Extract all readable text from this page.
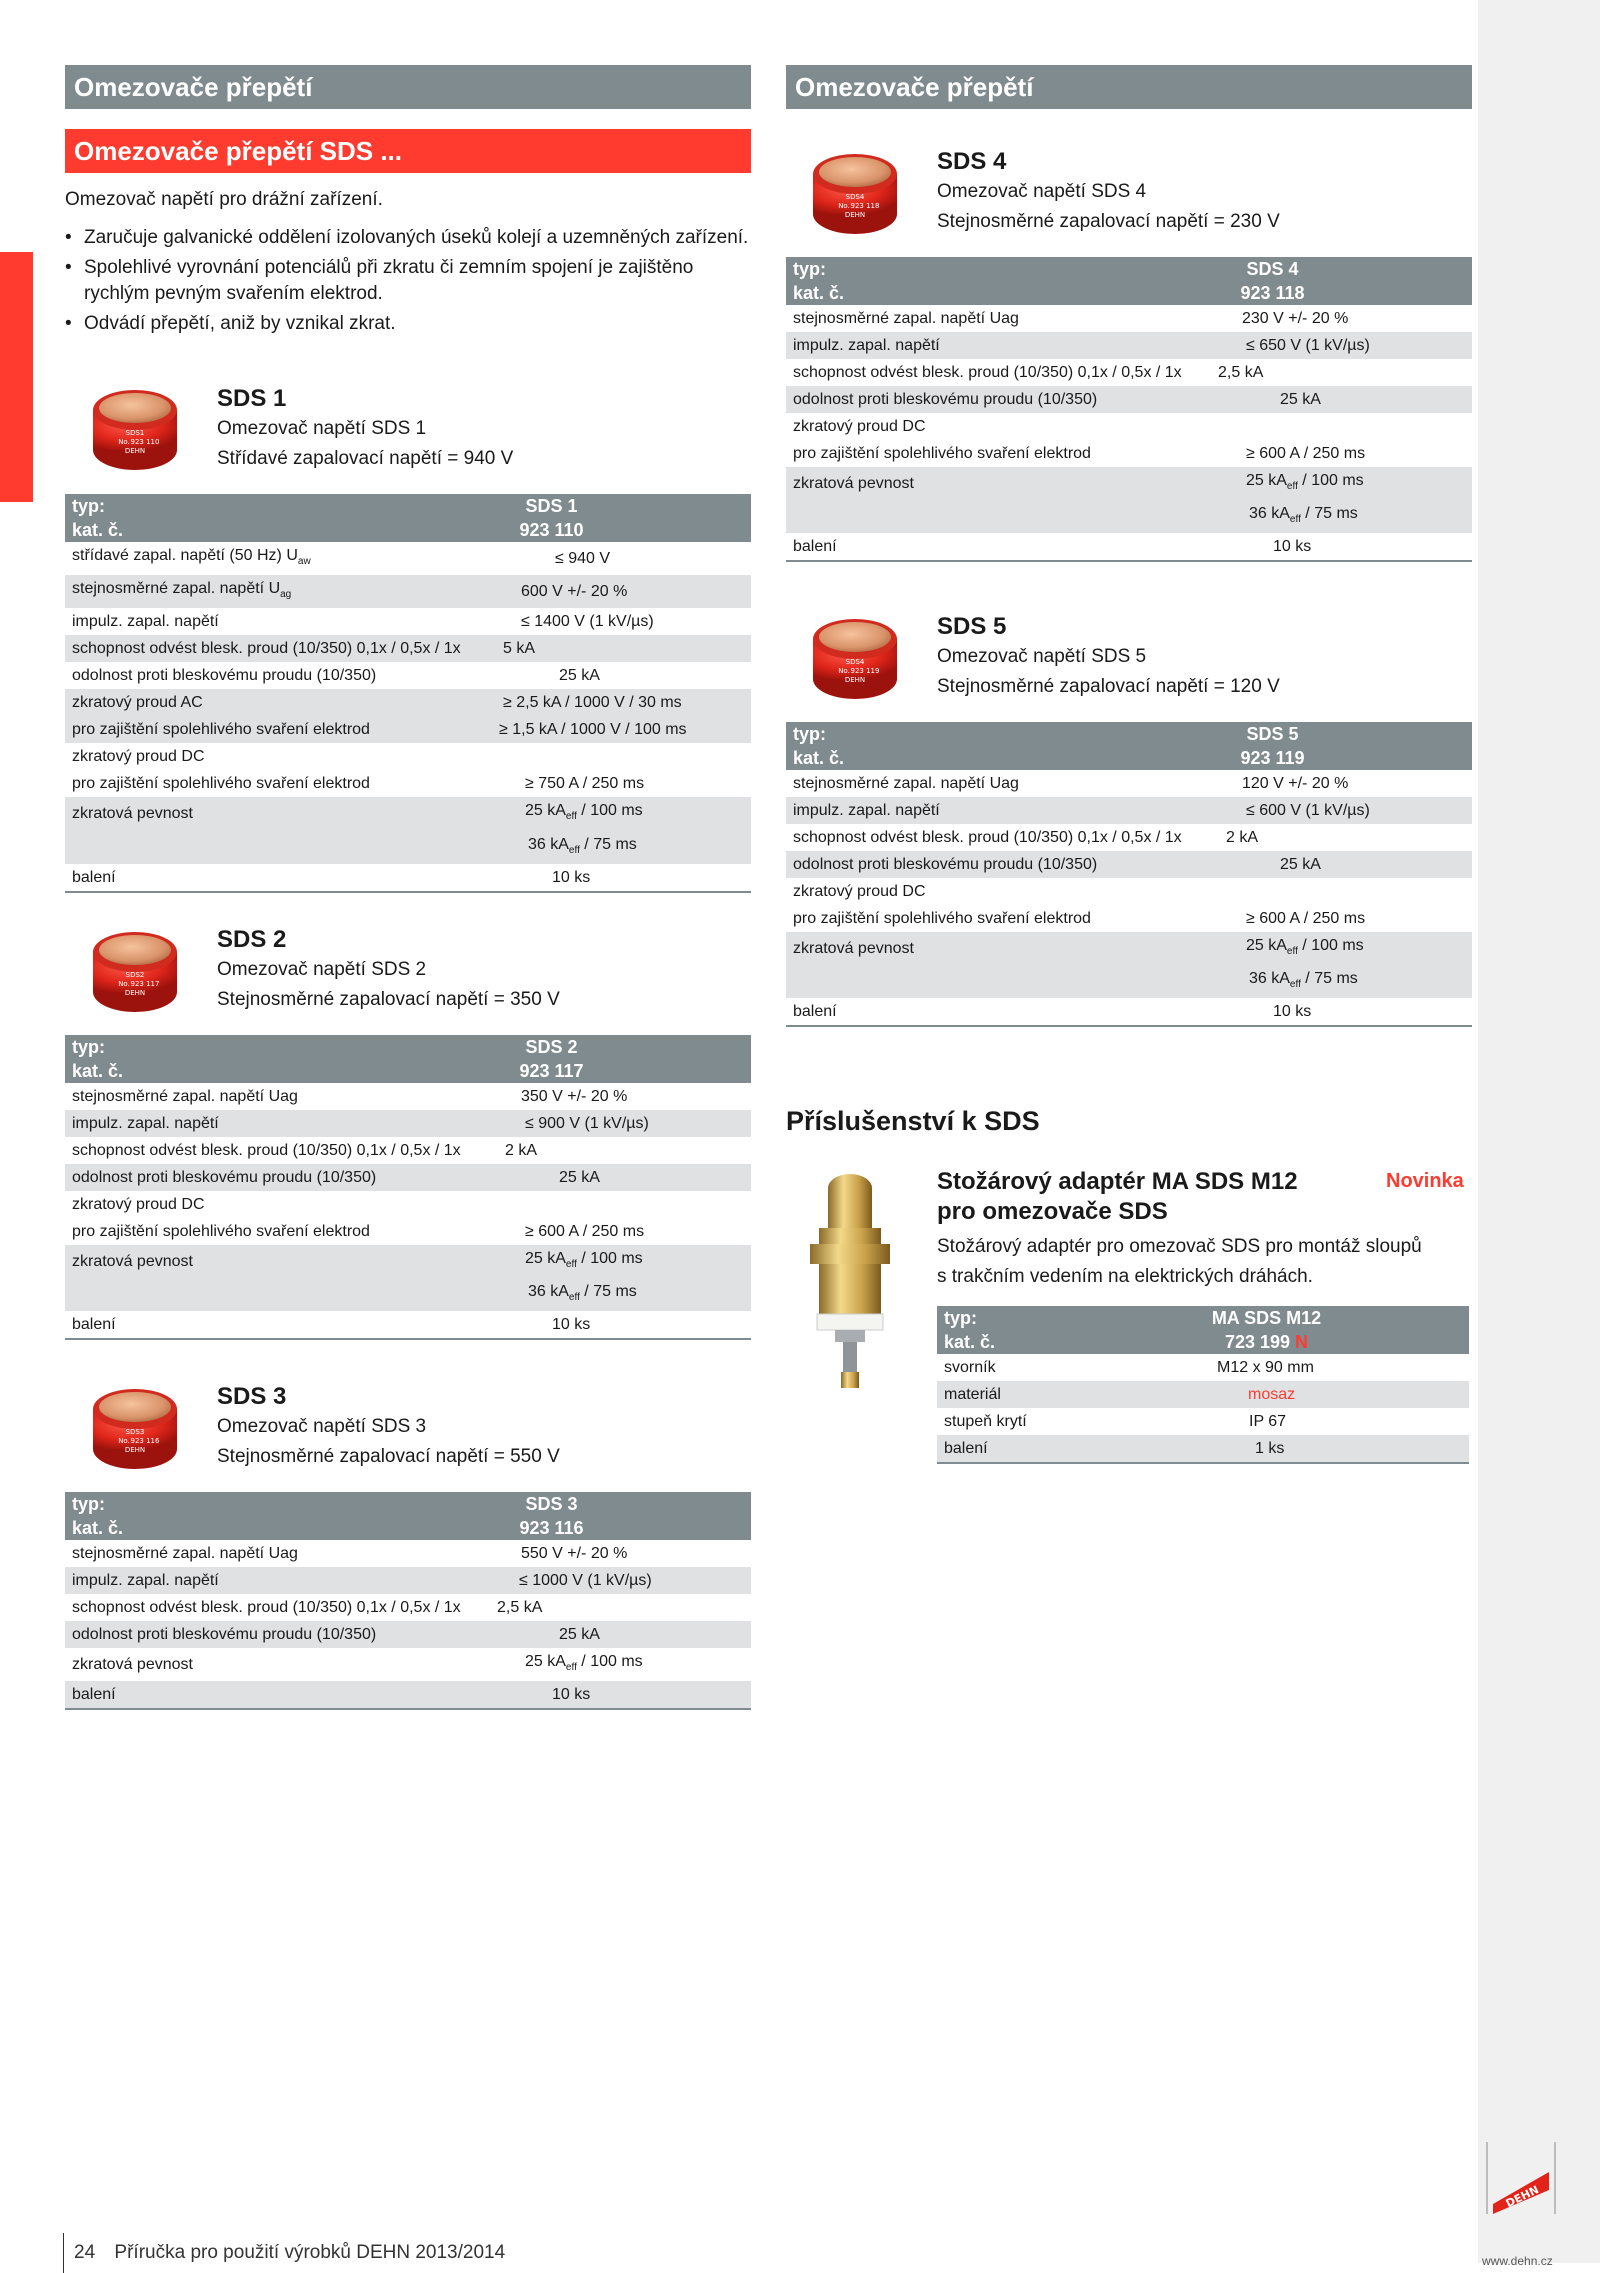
Omezovače přepětí
Omezovače přepětí SDS ...

Omezovač napětí pro drážní zařízení.

• Zaručuje galvanické oddělení izolovaných úseků kolejí a uzemněných zařízení.
• Spolehlivé vyrovnání potenciálů při zkratu či zemním spojení je zajištěno rychlým pevným svařením elektrod.
• Odvádí přepětí, aniž by vznikal zkrat.
SDS1
No. 923 110
DEHN
SDS 1
Omezovač napětí SDS 1
Střídavé zapalovací napětí = 940 V
typ:	SDS 1
kat. č.	923 110
střídavé zapal. napětí (50 Hz) $U_{aw}$	≤ 940 V
stejnosměrné zapal. napětí $U_{ag}$	600 V +/- 20 %
impulz. zapal. napětí	≤ 1400 V (1 kV/µs)
schopnost odvést blesk. proud (10/350) 0,1x / 0,5x / 1x	5 kA
odolnost proti bleskovému proudu (10/350)	25 kA
zkratový proud AC	≥ 2,5 kA / 1000 V / 30 ms
pro zajištění spolehlivého svaření elektrod	≥ 1,5 kA / 1000 V / 100 ms
zkratový proud DC	
pro zajištění spolehlivého svaření elektrod	≥ 750 A / 250 ms
zkratová pevnost	25 $kA_{eff} / 100$ ms
	36 $kA_{eff} / 75$ ms
balení	10 ks
SDS2
No. 923 117
DEHN
SDS 2
Omezovač napětí SDS 2
Stejnosměrné zapalovací napětí = 350 V
typ:	SDS 2
kat. č.	923 117
stejnosměrné zapal. napětí Uag	350 V +/- 20 %
impulz. zapal. napětí	≤ 900 V (1 kV/µs)
schopnost odvést blesk. proud (10/350) 0,1x / 0,5x / 1x	2 kA
odolnost proti bleskovému proudu (10/350)	25 kA
zkratový proud DC	
pro zajištění spolehlivého svaření elektrod	≥ 600 A / 250 ms
zkratová pevnost	25 $kA_{eff} / 100$ ms
	36 $kA_{eff} / 75$ ms
balení	10 ks
SDS3
No. 923 116
DEHN
SDS 3
Omezovač napětí SDS 3
Stejnosměrné zapalovací napětí = 550 V
typ:	SDS 3
kat. č.	923 116
stejnosměrné zapal. napětí Uag	550 V +/- 20 %
impulz. zapal. napětí	≤ 1000 V (1 kV/µs)
schopnost odvést blesk. proud (10/350) 0,1x / 0,5x / 1x	2,5 kA
odolnost proti bleskovému proudu (10/350)	25 kA
zkratová pevnost	25 $kA_{eff} / 100$ ms
balení	10 ks
Omezovače přepětí
SDS4
No. 923 118
DEHN
SDS 4
Omezovač napětí SDS 4
Stejnosměrné zapalovací napětí = 230 V
typ:	SDS 4
kat. č.	923 118
stejnosměrné zapal. napětí Uag	230 V +/- 20 %
impulz. zapal. napětí	≤ 650 V (1 kV/µs)
schopnost odvést blesk. proud (10/350) 0,1x / 0,5x / 1x	2,5 kA
odolnost proti bleskovému proudu (10/350)	25 kA
zkratový proud DC	
pro zajištění spolehlivého svaření elektrod	≥ 600 A / 250 ms
zkratová pevnost	25 $kA_{eff} / 100$ ms
	36 $kA_{eff} / 75$ ms
balení	10 ks
SDS4
No. 923 119
DEHN
SDS 5
Omezovač napětí SDS 5
Stejnosměrné zapalovací napětí = 120 V
typ:	SDS 5
kat. č.	923 119
stejnosměrné zapal. napětí Uag	120 V +/- 20 %
impulz. zapal. napětí	≤ 600 V (1 kV/µs)
schopnost odvést blesk. proud (10/350) 0,1x / 0,5x / 1x	2 kA
odolnost proti bleskovému proudu (10/350)	25 kA
zkratový proud DC	
pro zajištění spolehlivého svaření elektrod	≥ 600 A / 250 ms
zkratová pevnost	25 $kA_{eff} / 100$ ms
	36 $kA_{eff} / 75$ ms
balení	10 ks
Příslušenství k SDS
Stožárový adaptér MA SDS M12
pro omezovače SDS
Novinka
Stožárový adaptér pro omezovač SDS pro montáž sloupů
s trakčním vedením na elektrických dráhách.
typ:	MA SDS M12
kat. č.	723 199 N
svorník	M12 x 90 mm
materiál	mosaz
stupeň krytí	IP 67
balení	1 ks
24 Příručka pro použití výrobků DEHN 2013/2014
DEHN
www.dehn.cz
